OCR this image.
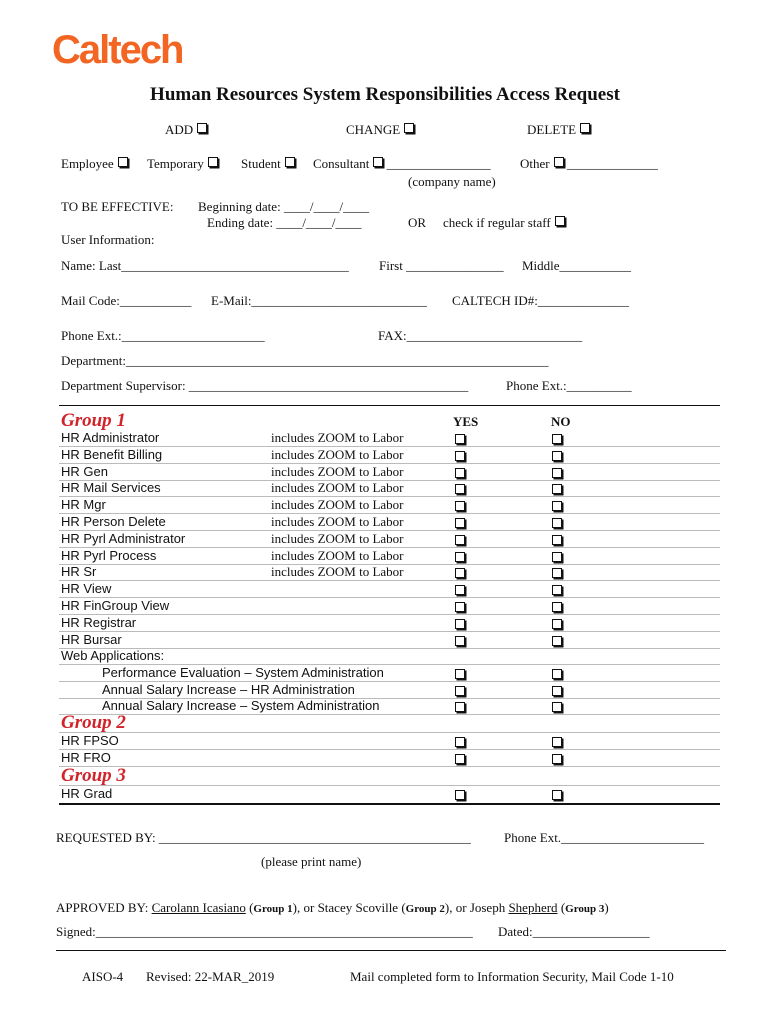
Caltech
Human Resources System Responsibilities Access Request
ADD	CHANGE	DELETE
Employee	Temporary	Student	Consultant ________________ Other ______________
(company name)
TO BE EFFECTIVE: Beginning date: ____/____/____
Ending date: ____/____/____	OR check if regular staff
User Information:
Name: Last___________________________________ First _______________ Middle___________
Mail Code:___________ E-Mail:___________________________ CALTECH ID#:______________
Phone Ext.:______________________	FAX:___________________________
Department:_________________________________________________________________
Department Supervisor: ___________________________________________	Phone Ext.:__________
Group 1	YES	NO
HR Administrator	includes ZOOM to Labor
HR Benefit Billing	includes ZOOM to Labor
HR Gen	includes ZOOM to Labor
HR Mail Services	includes ZOOM to Labor
HR Mgr	includes ZOOM to Labor
HR Person Delete	includes ZOOM to Labor
HR Pyrl Administrator	includes ZOOM to Labor
HR Pyrl Process	includes ZOOM to Labor
HR Sr	includes ZOOM to Labor
HR View
HR FinGroup View
HR Registrar
HR Bursar
Web Applications:
Performance Evaluation – System Administration
Annual Salary Increase – HR Administration
Annual Salary Increase – System Administration
Group 2
HR FPSO
HR FRO
Group 3
HR Grad
REQUESTED BY: ________________________________________________	Phone Ext.______________________
(please print name)
APPROVED BY: Carolann Icasiano (Group 1), or Stacey Scoville (Group 2), or Joseph Shepherd (Group 3)
Signed:__________________________________________________________ Dated:__________________
AISO-4 Revised: 22-MAR_2019	Mail completed form to Information Security, Mail Code 1-10
